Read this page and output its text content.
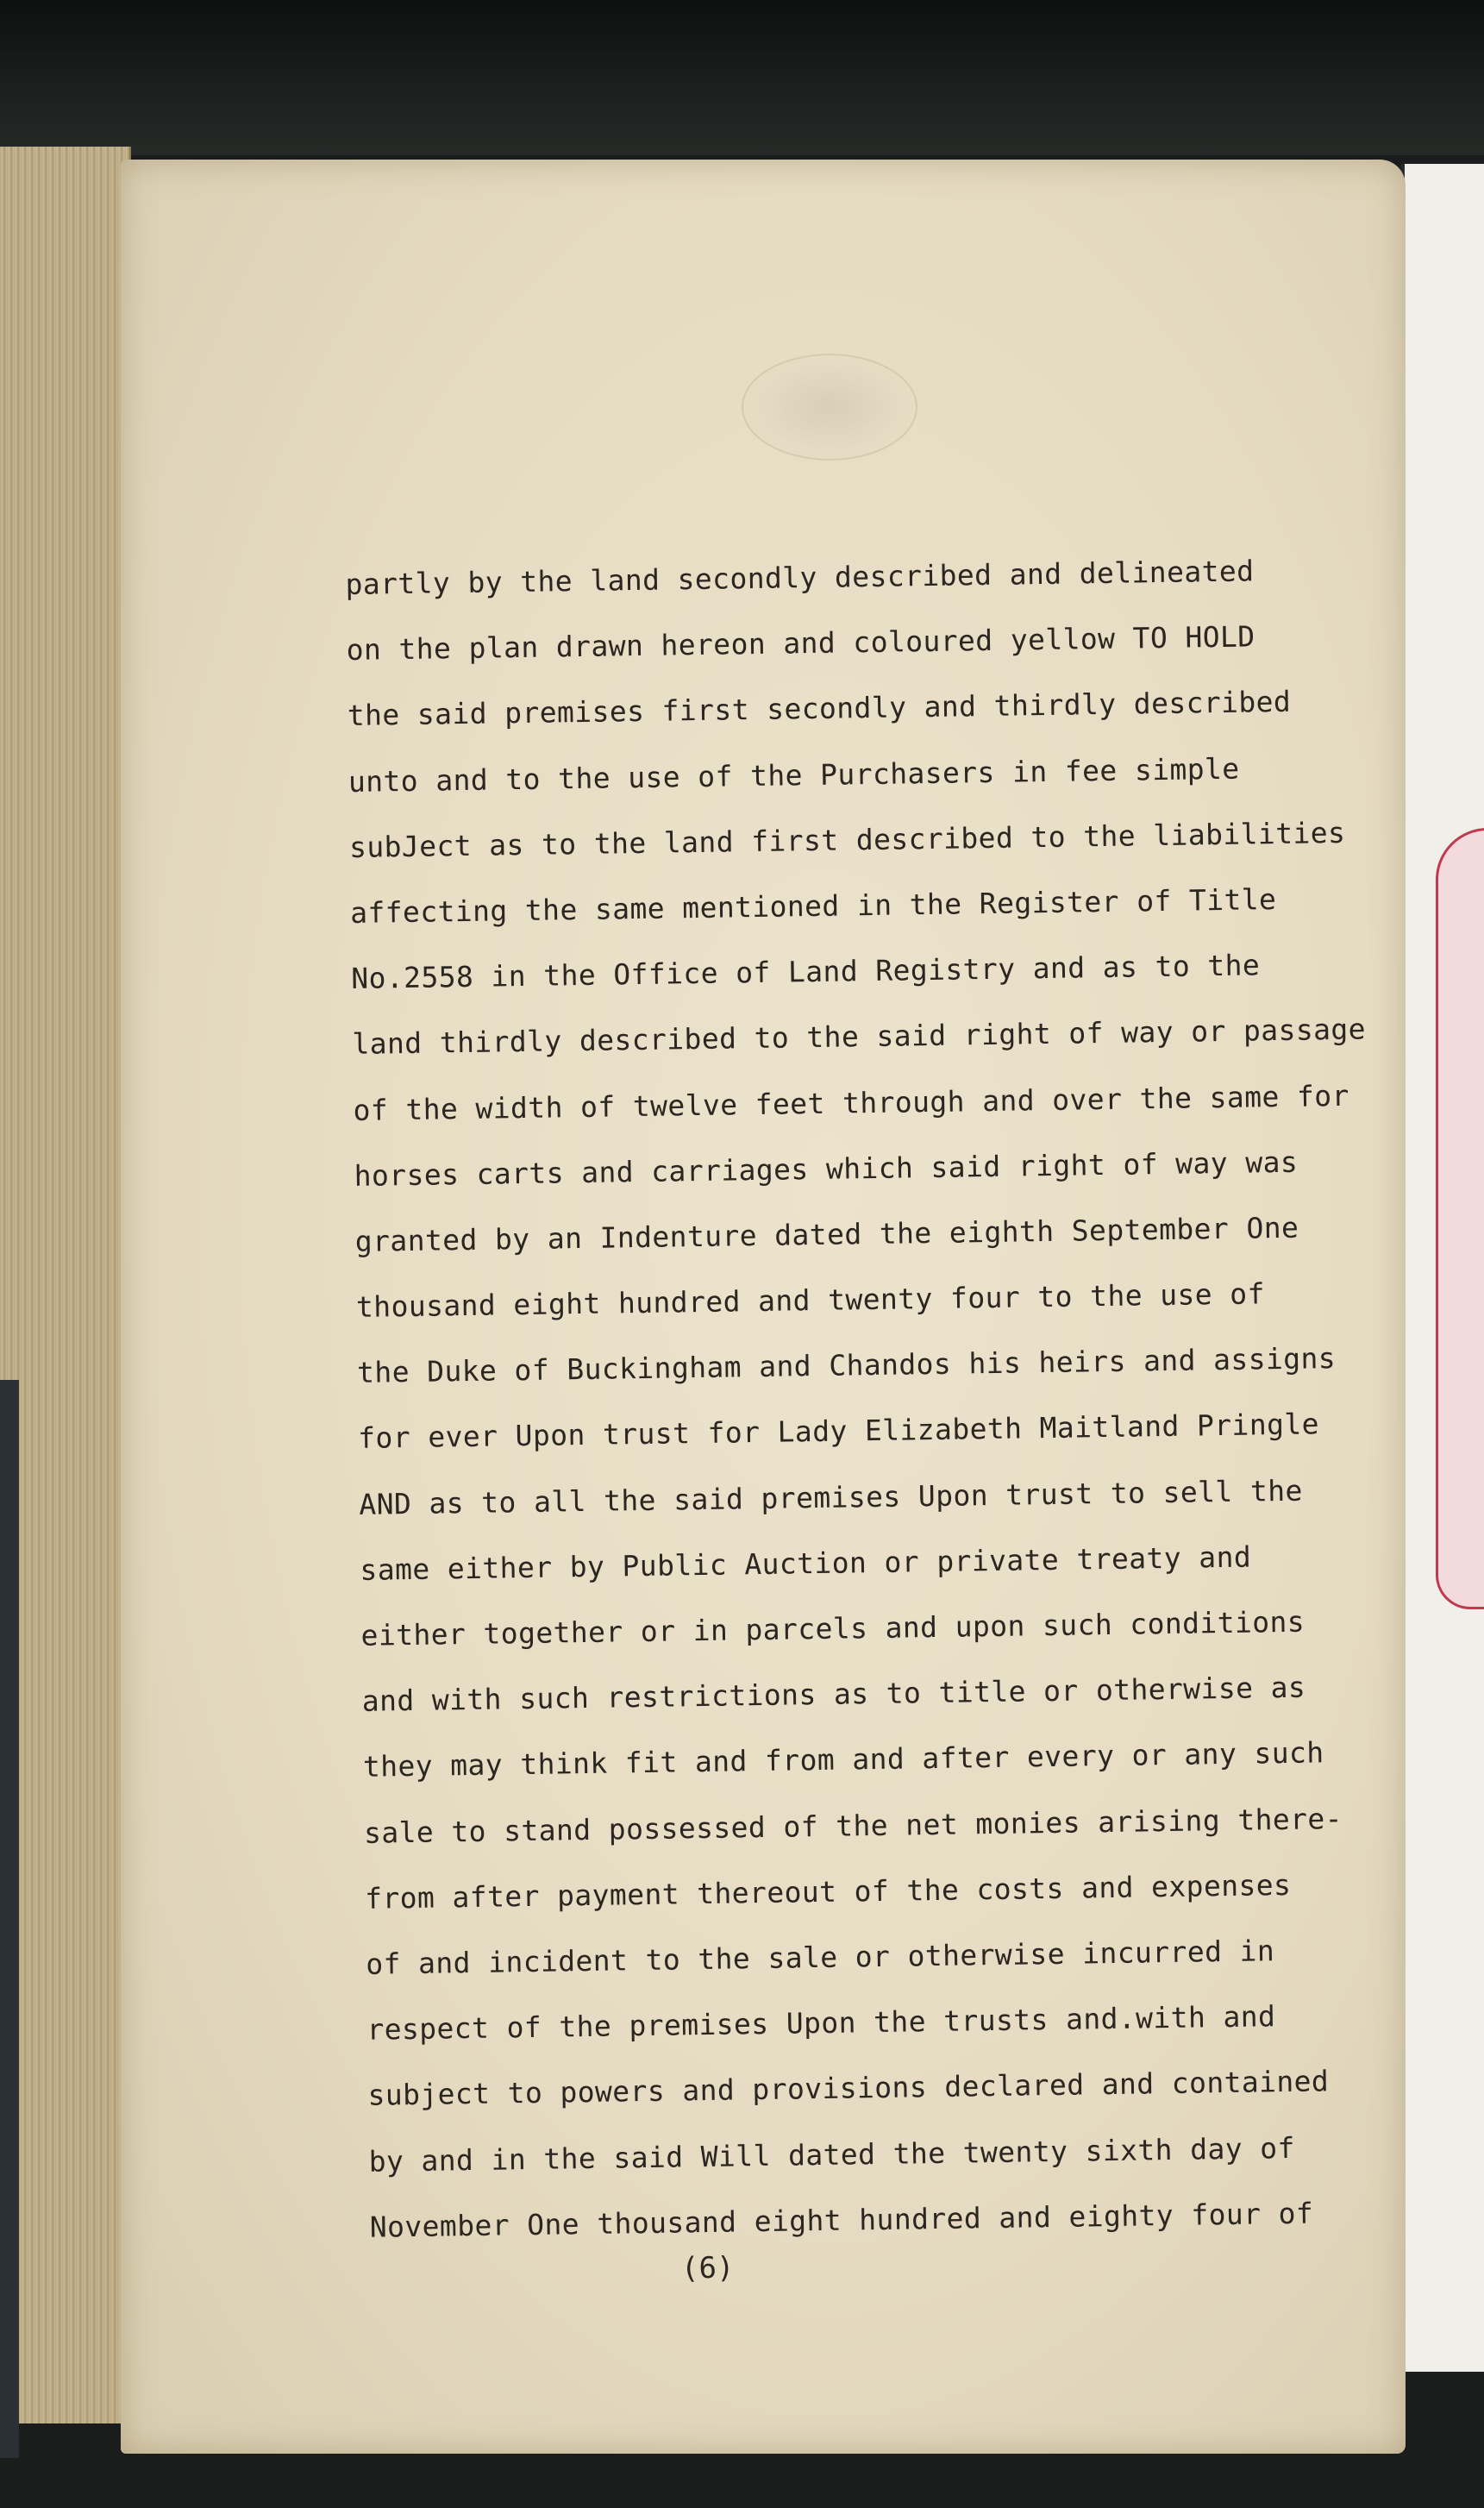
partly by the land secondly described and delineated
on the plan drawn hereon and coloured yellow TO HOLD
the said premises first secondly and thirdly described
unto and to the use of the Purchasers in fee simple
subJect as to the land first described to the liabilities
affecting the same mentioned in the Register of Title
No.2558 in the Office of Land Registry and as to the
land thirdly described to the said right of way or passage
of the width of twelve feet through and over the same for
horses carts and carriages which said right of way was
granted by an Indenture dated the eighth September One
thousand eight hundred and twenty four to the use of
the Duke of Buckingham and Chandos his heirs and assigns
for ever Upon trust for Lady Elizabeth Maitland Pringle
AND as to all the said premises Upon trust to sell the
same either by Public Auction or private treaty and
either together or in parcels and upon such conditions
and with such restrictions as to title or otherwise as
they may think fit and from and after every or any such
sale to stand possessed of the net monies arising there-
from after payment thereout of the costs and expenses
of and incident to the sale or otherwise incurred in
respect of the premises Upon the trusts and.with and
subject to powers and provisions declared and contained
by and in the said Will dated the twenty sixth day of
November One thousand eight hundred and eighty four of
(6)
